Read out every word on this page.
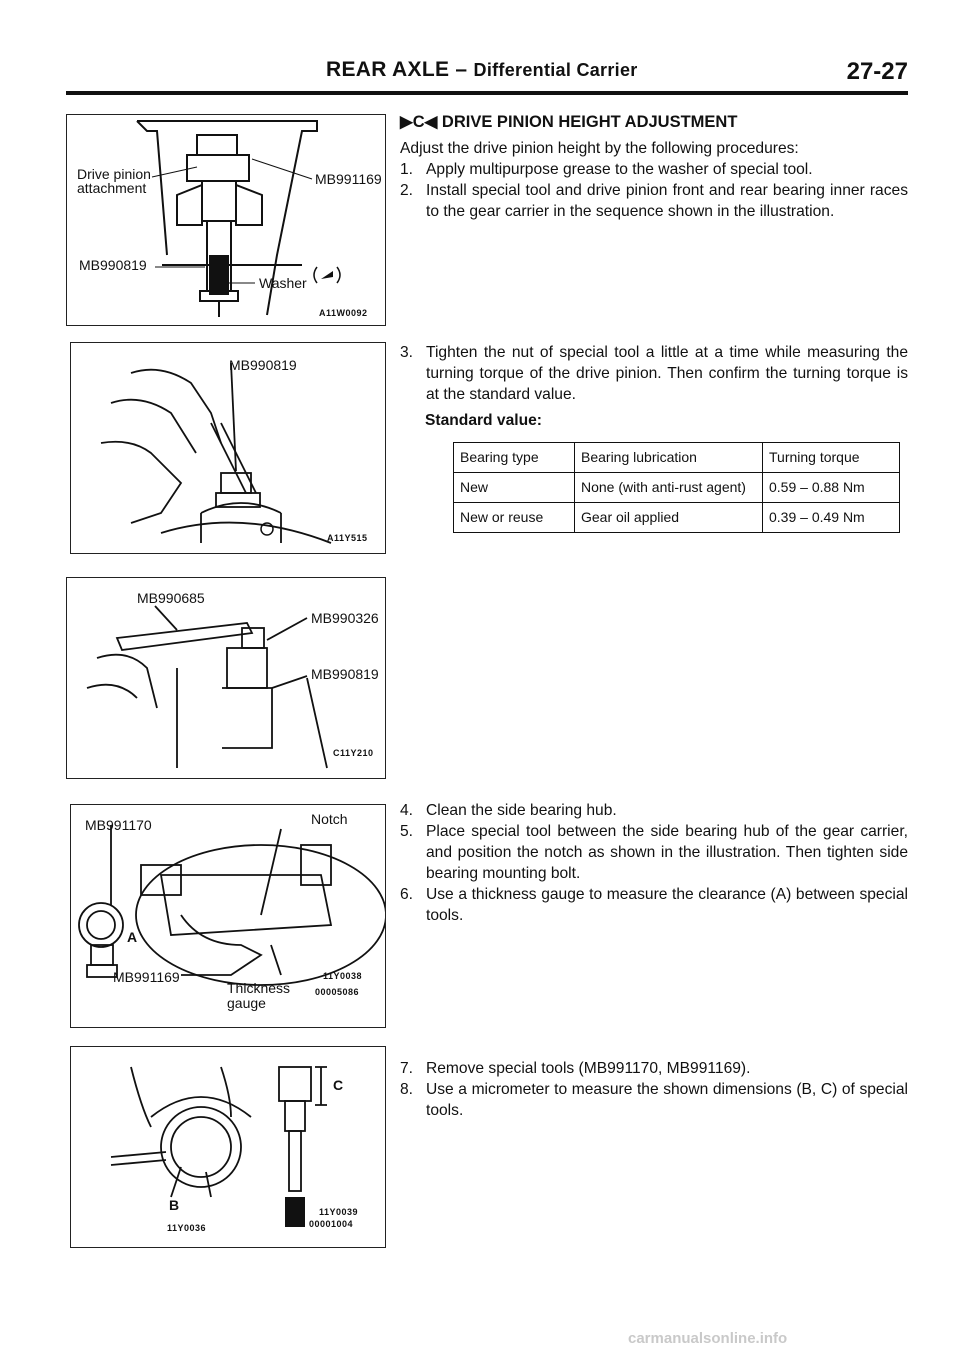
REAR AXLE – Differential Carrier	27-27
Drive pinion
attachment
MB991169
MB990819
Washer
A11W0092
MB990819
A11Y515
MB990685
MB990326
MB990819
C11Y210
MB991170	Notch
A
MB991169
Thickness
gauge
11Y0038
00005086
C
B
11Y0036
11Y0039
00001004
▶C◀ DRIVE PINION HEIGHT ADJUSTMENT
Adjust the drive pinion height by the following procedures:
1. Apply multipurpose grease to the washer of special tool.
2. Install special tool and drive pinion front and rear bearing inner races to the gear carrier in the sequence shown in the illustration.
3. Tighten the nut of special tool a little at a time while measuring the turning torque of the drive pinion. Then confirm the turning torque is at the standard value.
Standard value:
Bearing type	Bearing lubrication	Turning torque
New	None (with anti-rust agent)	0.59 – 0.88 Nm
New or reuse	Gear oil applied	0.39 – 0.49 Nm
4. Clean the side bearing hub.
5. Place special tool between the side bearing hub of the gear carrier, and position the notch as shown in the illustration. Then tighten side bearing mounting bolt.
6. Use a thickness gauge to measure the clearance (A) between special tools.
7. Remove special tools (MB991170, MB991169).
8. Use a micrometer to measure the shown dimensions (B, C) of special tools.
carmanualsonline.info
